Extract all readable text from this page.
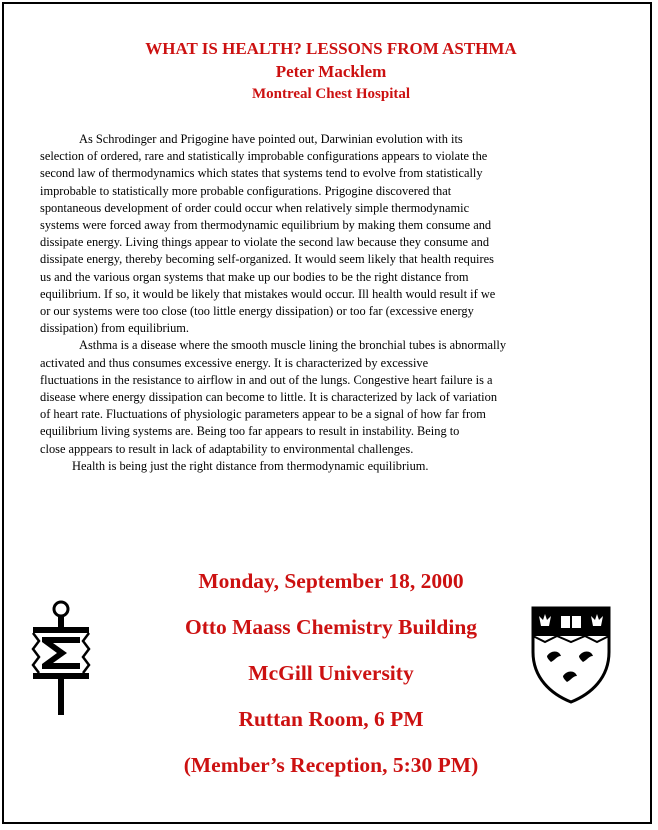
WHAT IS HEALTH? LESSONS FROM ASTHMA
Peter Macklem
Montreal Chest Hospital
As Schrodinger and Prigogine have pointed out, Darwinian evolution with its
selection of ordered, rare and statistically improbable configurations appears to violate the
second law of thermodynamics which states that systems tend to evolve from statistically
improbable to statistically more probable configurations. Prigogine discovered that
spontaneous development of order could occur when relatively simple thermodynamic
systems were forced away from thermodynamic equilibrium by making them consume and
dissipate energy. Living things appear to violate the second law because they consume and
dissipate energy, thereby becoming self-organized. It would seem likely that health requires
us and the various organ systems that make up our bodies to be the right distance from
equilibrium. If so, it would be likely that mistakes would occur. Ill health would result if we
or our systems were too close (too little energy dissipation) or too far (excessive energy
dissipation) from equilibrium.
Asthma is a disease where the smooth muscle lining the bronchial tubes is abnormally
activated and thus consumes excessive energy. It is characterized by excessive
fluctuations in the resistance to airflow in and out of the lungs. Congestive heart failure is a
disease where energy dissipation can become to little. It is characterized by lack of variation
of heart rate. Fluctuations of physiologic parameters appear to be a signal of how far from
equilibrium living systems are. Being too far appears to result in instability. Being to
close apppears to result in lack of adaptability to environmental challenges.
Health is being just the right distance from thermodynamic equilibrium.
Monday, September 18, 2000
Otto Maass Chemistry Building
McGill University
Ruttan Room, 6 PM
(Member’s Reception, 5:30 PM)
